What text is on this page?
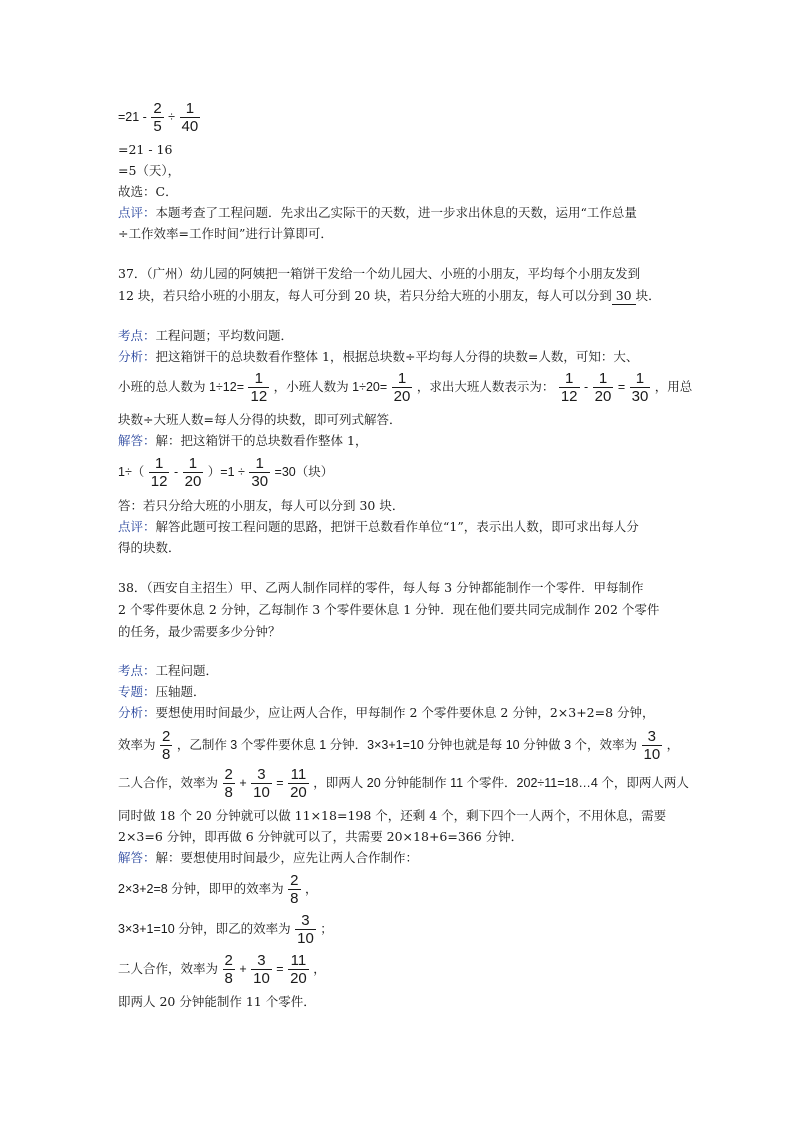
$=21 - \frac{2}{5} \div \frac{1}{40}$
=21 - 16
=5（天），
故选：C．
点评：本题考查了工程问题．先求出乙实际干的天数，进一步求出休息的天数，运用“工作总量
÷工作效率=工作时间”进行计算即可．
37．（广州）幼儿园的阿姨把一箱饼干发给一个幼儿园大、小班的小朋友，平均每个小朋友发到
12 块，若只给小班的小朋友，每人可分到 20 块，若只分给大班的小朋友，每人可以分到 30 块．
考点：工程问题；平均数问题．
分析：把这箱饼干的总块数看作整体 1，根据总块数÷平均每人分得的块数=人数，可知：大、
小班的总人数为 $1\div 12= \frac{1}{12}$ ，小班人数为 $1\div 20= \frac{1}{20}$ ，求出大班人数表示为： $\frac{1}{12} - \frac{1}{20} = \frac{1}{30}$ ，用总
块数÷大班人数=每人分得的块数，即可列式解答．
解答：解：把这箱饼干的总块数看作整体 1，
$1\div( \frac{1}{12} - \frac{1}{20} )=1 \div \frac{1}{30} =30$（块）
答：若只分给大班的小朋友，每人可以分到 30 块．
点评：解答此题可按工程问题的思路，把饼干总数看作单位“1”，表示出人数，即可求出每人分
得的块数．
38．（西安自主招生）甲、乙两人制作同样的零件，每人每 3 分钟都能制作一个零件．甲每制作
2 个零件要休息 2 分钟，乙每制作 3 个零件要休息 1 分钟．现在他们要共同完成制作 202 个零件
的任务，最少需要多少分钟？
考点：工程问题．
专题：压轴题．
分析：要想使用时间最少，应让两人合作，甲每制作 2 个零件要休息 2 分钟，2×3+2=8 分钟，
效率为 $\frac{2}{8}$ ，乙制作 3 个零件要休息 1 分钟．3×3+1=10 分钟也就是每 10 分钟做 3 个，效率为 $\frac{3}{10}$ ，
二人合作，效率为 $\frac{2}{8} + \frac{3}{10} = \frac{11}{20}$ ，即两人 20 分钟能制作 11 个零件．202÷11=18…4 个，即两人两人
同时做 18 个 20 分钟就可以做 11×18=198 个，还剩 4 个，剩下四个一人两个，不用休息，需要
2×3=6 分钟，即再做 6 分钟就可以了，共需要 20×18+6=366 分钟．
解答：解：要想使用时间最少，应先让两人合作制作：
2×3+2=8 分钟，即甲的效率为 $\frac{2}{8}$ ，
3×3+1=10 分钟，即乙的效率为 $\frac{3}{10}$ ；
二人合作，效率为 $\frac{2}{8} + \frac{3}{10} = \frac{11}{20}$ ，
即两人 20 分钟能制作 11 个零件．
